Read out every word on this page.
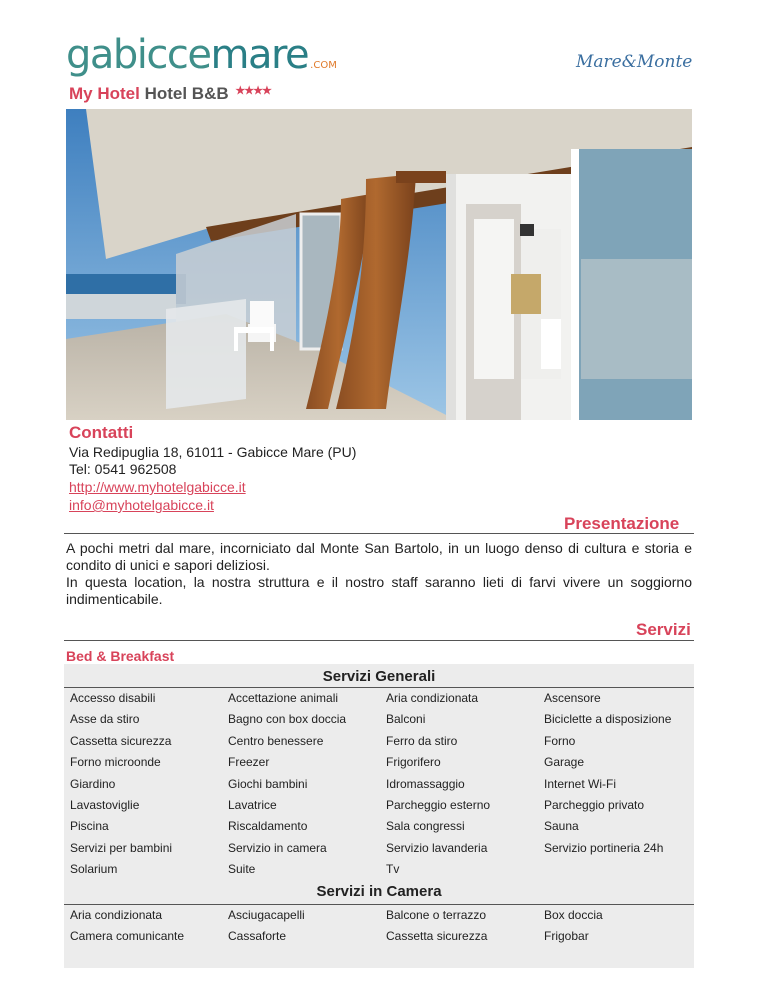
gabiccemare .COM	Mare&Monte
My Hotel Hotel B&B ★★★★
Contatti
Via Redipuglia 18, 61011 - Gabicce Mare (PU)
Tel: 0541 962508
http://www.myhotelgabicce.it
info@myhotelgabicce.it
Presentazione

A pochi metri dal mare, incorniciato dal Monte San Bartolo, in un luogo denso di cultura e storia e condito di unici e sapori deliziosi.

In questa location, la nostra struttura e il nostro staff saranno lieti di farvi vivere un soggiorno indimenticabile.

Servizi
Bed & Breakfast
Servizi Generali
Accesso disabili	Accettazione animali	Aria condizionata	Ascensore
Asse da stiro	Bagno con box doccia	Balconi	Biciclette a disposizione
Cassetta sicurezza	Centro benessere	Ferro da stiro	Forno
Forno microonde	Freezer	Frigorifero	Garage
Giardino	Giochi bambini	Idromassaggio	Internet Wi-Fi
Lavastoviglie	Lavatrice	Parcheggio esterno	Parcheggio privato
Piscina	Riscaldamento	Sala congressi	Sauna
Servizi per bambini	Servizio in camera	Servizio lavanderia	Servizio portineria 24h
Solarium	Suite	Tv
Servizi in Camera
Aria condizionata	Asciugacapelli	Balcone o terrazzo	Box doccia
Camera comunicante	Cassaforte	Cassetta sicurezza	Frigobar
